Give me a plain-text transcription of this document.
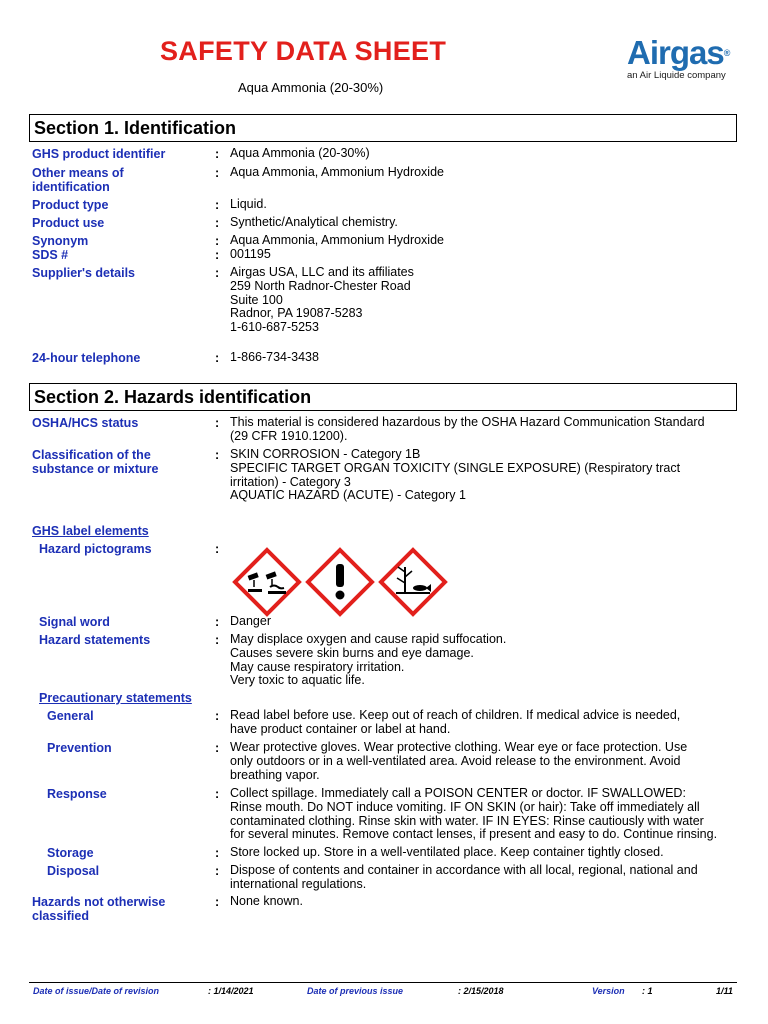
SAFETY DATA SHEET
Aqua Ammonia (20-30%)
Airgas®
an Air Liquide company
Section 1. Identification
GHS product identifier	: Aqua Ammonia (20-30%)
Other means of
identification
: Aqua Ammonia, Ammonium Hydroxide
Product type	: Liquid.
Product use	: Synthetic/Analytical chemistry.
Synonym	: Aqua Ammonia, Ammonium Hydroxide
SDS #	: 001195
Supplier's details	: Airgas USA, LLC and its affiliates
259 North Radnor-Chester Road
Suite 100
Radnor, PA 19087-5283
1-610-687-5253
24-hour telephone	: 1-866-734-3438
Section 2. Hazards identification
OSHA/HCS status	: This material is considered hazardous by the OSHA Hazard Communication Standard
(29 CFR 1910.1200).
Classification of the
substance or mixture
: SKIN CORROSION - Category 1B
SPECIFIC TARGET ORGAN TOXICITY (SINGLE EXPOSURE) (Respiratory tract
irritation) - Category 3
AQUATIC HAZARD (ACUTE) - Category 1
GHS label elements
Hazard pictograms	:
Signal word	: Danger
Hazard statements	: May displace oxygen and cause rapid suffocation.
Causes severe skin burns and eye damage.
May cause respiratory irritation.
Very toxic to aquatic life.
Precautionary statements
General	: Read label before use. Keep out of reach of children. If medical advice is needed,
have product container or label at hand.
Prevention	: Wear protective gloves. Wear protective clothing. Wear eye or face protection. Use
only outdoors or in a well-ventilated area. Avoid release to the environment. Avoid
breathing vapor.
Response	: Collect spillage. Immediately call a POISON CENTER or doctor. IF SWALLOWED:
Rinse mouth. Do NOT induce vomiting. IF ON SKIN (or hair): Take off immediately all
contaminated clothing. Rinse skin with water. IF IN EYES: Rinse cautiously with water
for several minutes. Remove contact lenses, if present and easy to do. Continue rinsing.
Storage	: Store locked up. Store in a well-ventilated place. Keep container tightly closed.
Disposal	: Dispose of contents and container in accordance with all local, regional, national and
international regulations.
Hazards not otherwise
classified
: None known.
Date of issue/Date of revision	: 1/14/2021	Date of previous issue	: 2/15/2018	Version : 1	1/11
